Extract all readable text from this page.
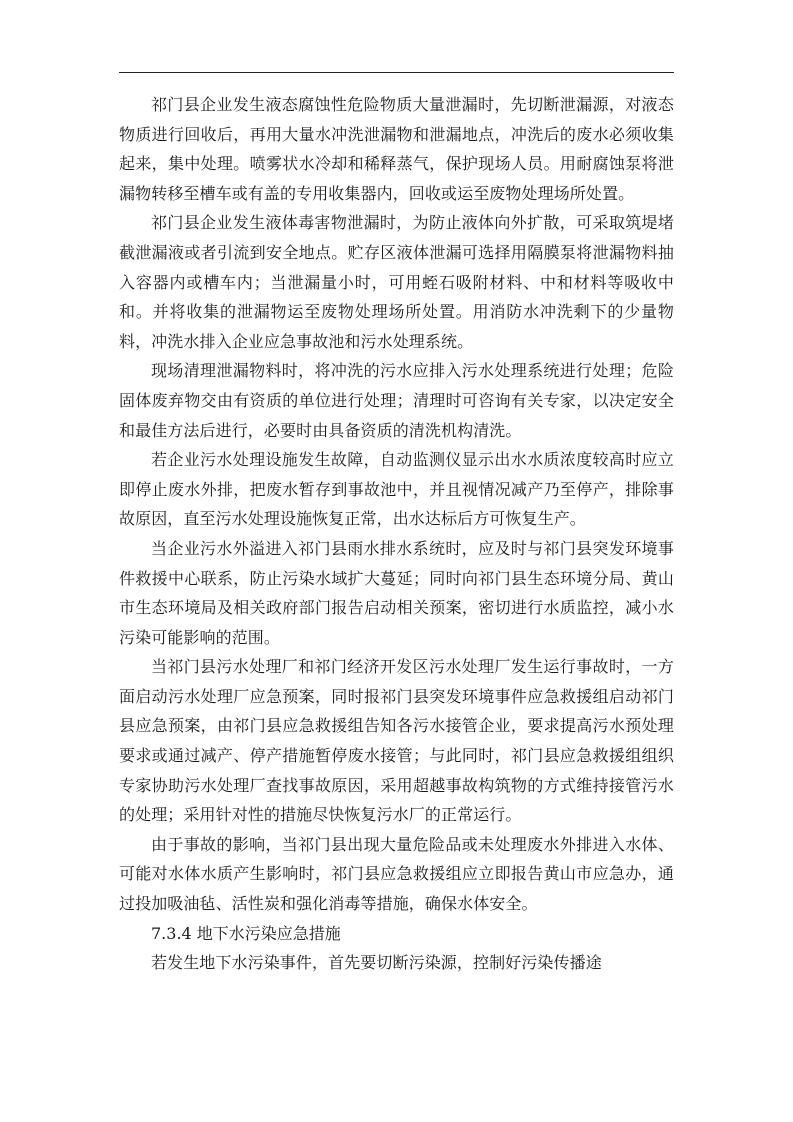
祁门县企业发生液态腐蚀性危险物质大量泄漏时，先切断泄漏源，对液态物质进行回收后，再用大量水冲洗泄漏物和泄漏地点，冲洗后的废水必须收集起来，集中处理。喷雾状水冷却和稀释蒸气，保护现场人员。用耐腐蚀泵将泄漏物转移至槽车或有盖的专用收集器内，回收或运至废物处理场所处置。

祁门县企业发生液体毒害物泄漏时，为防止液体向外扩散，可采取筑堤堵截泄漏液或者引流到安全地点。贮存区液体泄漏可选择用隔膜泵将泄漏物料抽入容器内或槽车内；当泄漏量小时，可用蛭石吸附材料、中和材料等吸收中和。并将收集的泄漏物运至废物处理场所处置。用消防水冲洗剩下的少量物料，冲洗水排入企业应急事故池和污水处理系统。

现场清理泄漏物料时，将冲洗的污水应排入污水处理系统进行处理；危险固体废弃物交由有资质的单位进行处理；清理时可咨询有关专家，以决定安全和最佳方法后进行，必要时由具备资质的清洗机构清洗。

若企业污水处理设施发生故障，自动监测仪显示出水水质浓度较高时应立即停止废水外排，把废水暂存到事故池中，并且视情况减产乃至停产，排除事故原因，直至污水处理设施恢复正常，出水达标后方可恢复生产。

当企业污水外溢进入祁门县雨水排水系统时，应及时与祁门县突发环境事件救援中心联系，防止污染水域扩大蔓延；同时向祁门县生态环境分局、黄山市生态环境局及相关政府部门报告启动相关预案，密切进行水质监控，减小水污染可能影响的范围。

当祁门县污水处理厂和祁门经济开发区污水处理厂发生运行事故时，一方面启动污水处理厂应急预案，同时报祁门县突发环境事件应急救援组启动祁门县应急预案，由祁门县应急救援组告知各污水接管企业，要求提高污水预处理要求或通过减产、停产措施暂停废水接管；与此同时，祁门县应急救援组组织专家协助污水处理厂查找事故原因，采用超越事故构筑物的方式维持接管污水的处理；采用针对性的措施尽快恢复污水厂的正常运行。

由于事故的影响，当祁门县出现大量危险品或未处理废水外排进入水体、可能对水体水质产生影响时，祁门县应急救援组应立即报告黄山市应急办，通过投加吸油毡、活性炭和强化消毒等措施，确保水体安全。

7.3.4 地下水污染应急措施

若发生地下水污染事件，首先要切断污染源，控制好污染传播途
